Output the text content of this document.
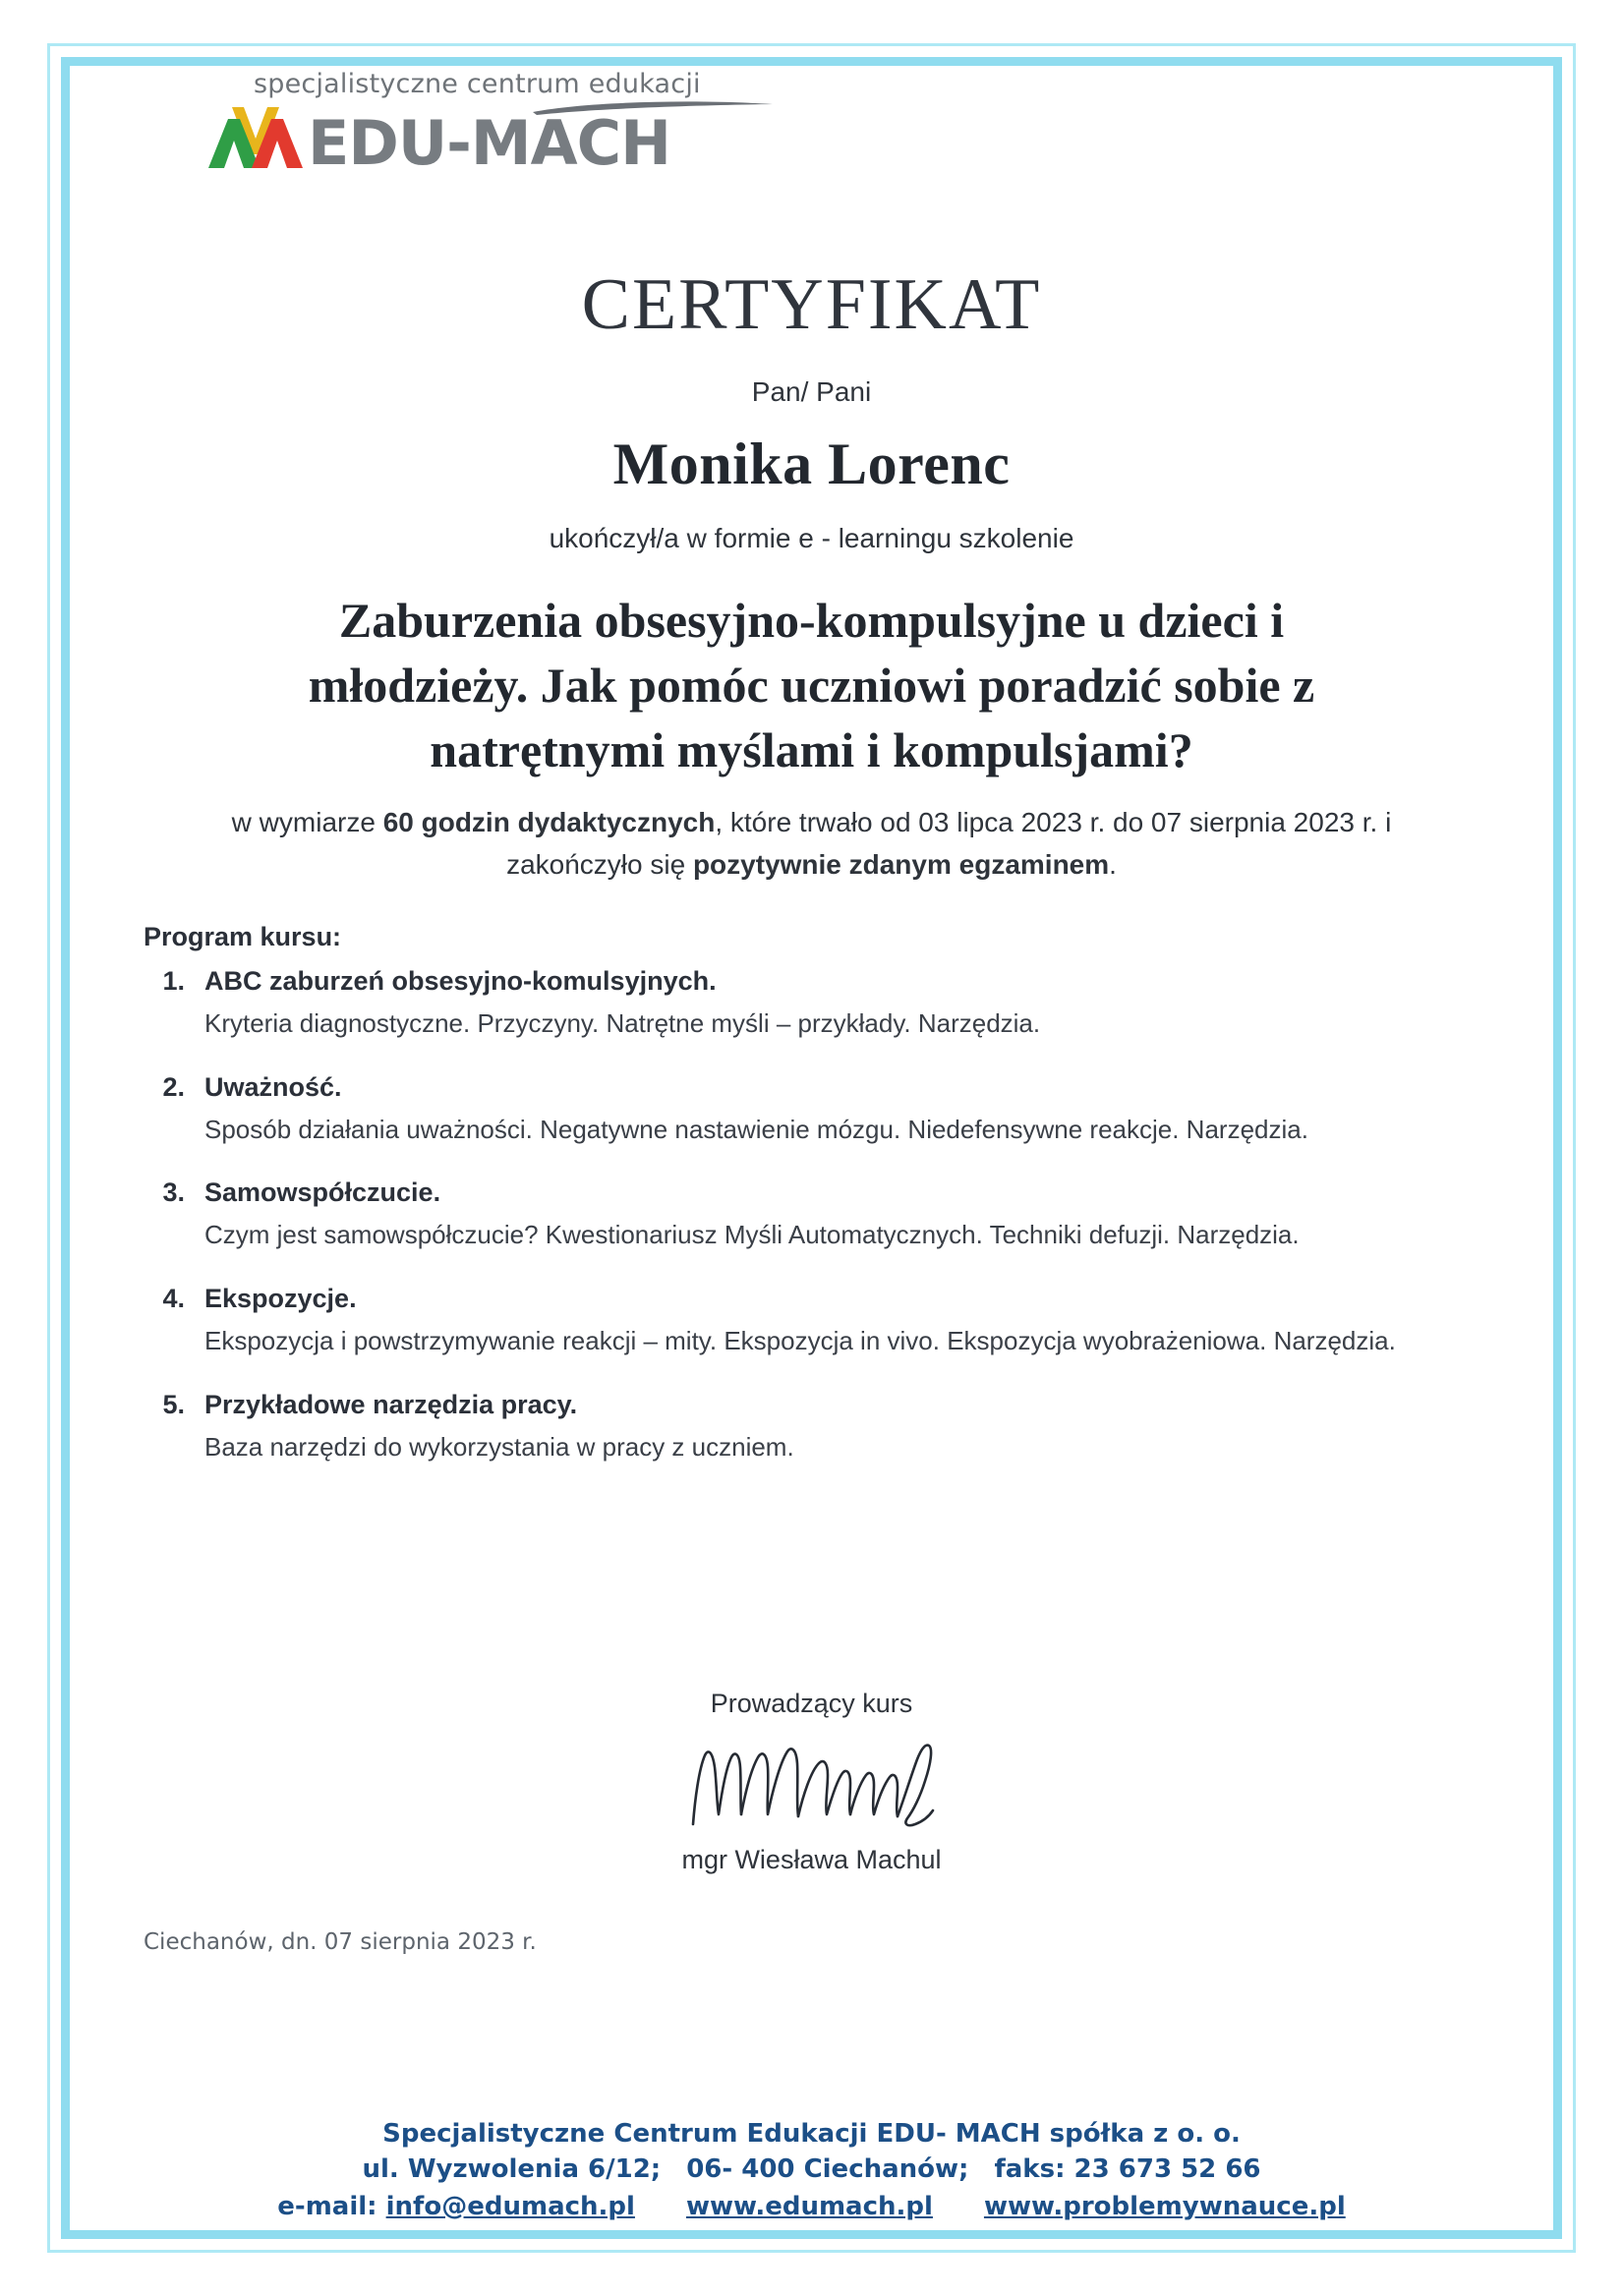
specjalistyczne centrum edukacji
EDU-MACH
CERTYFIKAT
Pan/ Pani
Monika Lorenc
ukończył/a w formie e - learningu szkolenie
Zaburzenia obsesyjno-kompulsyjne u dzieci i
młodzieży. Jak pomóc uczniowi poradzić sobie z
natrętnymi myślami i kompulsjami?
w wymiarze 60 godzin dydaktycznych, które trwało od 03 lipca 2023 r. do 07 sierpnia 2023 r. i zakończyło się pozytywnie zdanym egzaminem.
Program kursu:
1. ABC zaburzeń obsesyjno-komulsyjnych.
Kryteria diagnostyczne. Przyczyny. Natrętne myśli – przykłady. Narzędzia.
2. Uważność.
Sposób działania uważności. Negatywne nastawienie mózgu. Niedefensywne reakcje. Narzędzia.
3. Samowspółczucie.
Czym jest samowspółczucie? Kwestionariusz Myśli Automatycznych. Techniki defuzji. Narzędzia.
4. Ekspozycje.
Ekspozycja i powstrzymywanie reakcji – mity. Ekspozycja in vivo. Ekspozycja wyobrażeniowa. Narzędzia.
5. Przykładowe narzędzia pracy.
Baza narzędzi do wykorzystania w pracy z uczniem.
Prowadzący kurs
mgr Wiesława Machul
Ciechanów, dn. 07 sierpnia 2023 r.
Specjalistyczne Centrum Edukacji EDU- MACH spółka z o. o.
ul. Wyzwolenia 6/12; 06- 400 Ciechanów; faks: 23 673 52 66
e-mail: info@edumach.pl www.edumach.pl www.problemywnauce.pl
